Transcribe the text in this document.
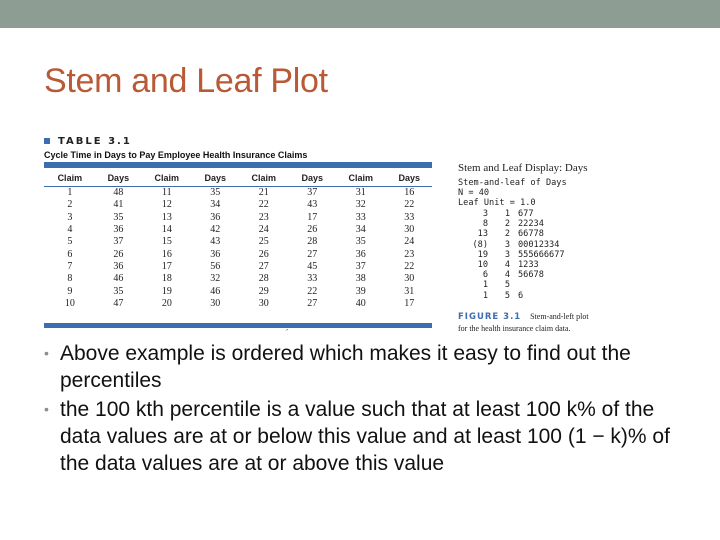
Stem and Leaf Plot
TABLE 3.1
Cycle Time in Days to Pay Employee Health Insurance Claims
Claim	Days	Claim	Days	Claim	Days	Claim	Days
1	48	11	35	21	37	31	16
2	41	12	34	22	43	32	22
3	35	13	36	23	17	33	33
4	36	14	42	24	26	34	30
5	37	15	43	25	28	35	24
6	26	16	36	26	27	36	23
7	36	17	56	27	45	37	22
8	46	18	32	28	33	38	30
9	35	19	46	29	22	39	31
10	47	20	30	30	27	40	17
Stem and Leaf Display: Days
Stem-and-leaf of Days
N = 40
Leaf Unit = 1.0
3	1 677
8	2 22234
13	2 66778
(8)	3 00012334
19	3 555666677
10	4 1233
6	4 56678
1	5
1	5 6
FIGURE 3.1 Stem-and-left plot
for the health insurance claim data.
′
• Above example is ordered which makes it easy to find out the percentiles
• the 100 kth percentile is a value such that at least 100 k% of the data values are at or below this value and at least 100 (1 − k)% of the data values are at or above this value
